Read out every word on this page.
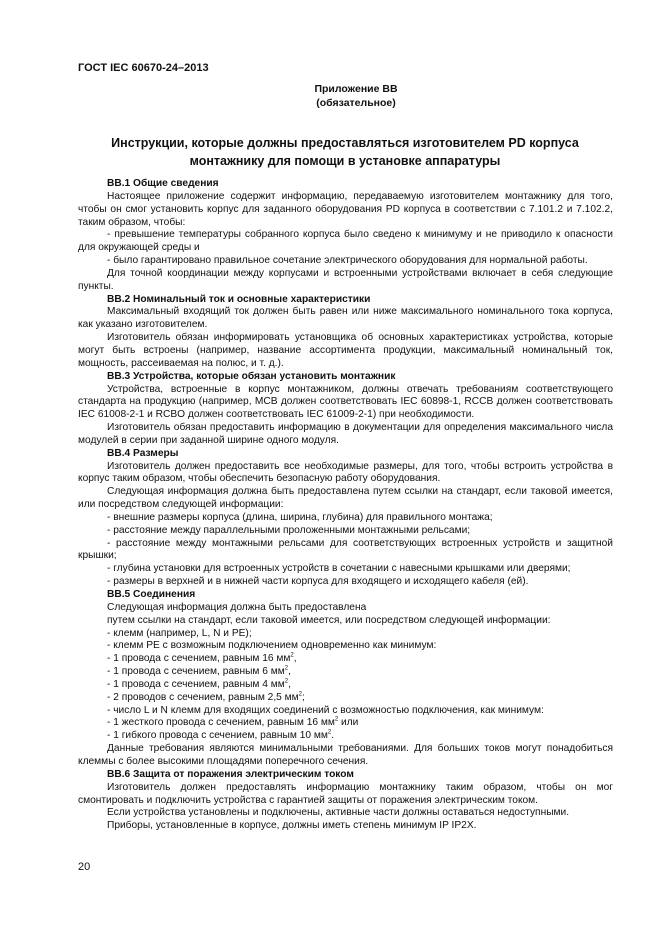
ГОСТ IEC 60670-24–2013
Приложение ВВ
(обязательное)
Инструкции, которые должны предоставляться изготовителем PD корпуса
монтажнику для помощи в установке аппаратуры

ВВ.1 Общие сведения

Настоящее приложение содержит информацию, передаваемую изготовителем монтажнику для того, чтобы он смог установить корпус для заданного оборудования PD корпуса в соответствии с 7.101.2 и 7.102.2, таким образом, чтобы:

- превышение температуры собранного корпуса было сведено к минимуму и не приводило к опасности для окружающей среды и

- было гарантировано правильное сочетание электрического оборудования для нормальной работы.

Для точной координации между корпусами и встроенными устройствами включает в себя следующие пункты.

ВВ.2 Номинальный ток и основные характеристики

Максимальный входящий ток должен быть равен или ниже максимального номинального тока корпуса, как указано изготовителем.

Изготовитель обязан информировать установщика об основных характеристиках устройства, которые могут быть встроены (например, название ассортимента продукции, максимальный номинальный ток, мощность, рассеиваемая на полюс, и т. д.).

ВВ.3 Устройства, которые обязан установить монтажник

Устройства, встроенные в корпус монтажником, должны отвечать требованиям соответствующего стандарта на продукцию (например, МСВ должен соответствовать IEC 60898-1, RCCB должен соответствовать IEC 61008-2-1 и RCBO должен соответствовать IEC 61009-2-1) при необходимости.

Изготовитель обязан предоставить информацию в документации для определения максимального числа модулей в серии при заданной ширине одного модуля.

ВВ.4 Размеры

Изготовитель должен предоставить все необходимые размеры, для того, чтобы встроить устройства в корпус таким образом, чтобы обеспечить безопасную работу оборудования.

Следующая информация должна быть предоставлена путем ссылки на стандарт, если таковой имеется, или посредством следующей информации:

- внешние размеры корпуса (длина, ширина, глубина) для правильного монтажа;

- расстояние между параллельными проложенными монтажными рельсами;

- расстояние между монтажными рельсами для соответствующих встроенных устройств и защитной крышки;

- глубина установки для встроенных устройств в сочетании с навесными крышками или дверями;

- размеры в верхней и в нижней части корпуса для входящего и исходящего кабеля (ей).

ВВ.5 Соединения

Следующая информация должна быть предоставлена

путем ссылки на стандарт, если таковой имеется, или посредством следующей информации:

- клемм (например, L, N и PE);

- клемм PE с возможным подключением одновременно как минимум:

- 1 провода с сечением, равным 16 $мм^2$,

- 1 провода с сечением, равным 6 $мм^2$,

- 1 провода с сечением, равным 4 $мм^2$,

- 2 проводов с сечением, равным 2,5 $мм^2$;

- число L и N клемм для входящих соединений с возможностью подключения, как минимум:

- 1 жесткого провода с сечением, равным 16 $мм^2$ или

- 1 гибкого провода с сечением, равным 10 $мм^2$.

Данные требования являются минимальными требованиями. Для больших токов могут понадобиться клеммы с более высокими площадями поперечного сечения.

ВВ.6 Защита от поражения электрическим током

Изготовитель должен предоставлять информацию монтажнику таким образом, чтобы он мог смонтировать и подключить устройства с гарантией защиты от поражения электрическим током.

Если устройства установлены и подключены, активные части должны оставаться недоступными.

Приборы, установленные в корпусе, должны иметь степень минимум IP IP2X.

20
